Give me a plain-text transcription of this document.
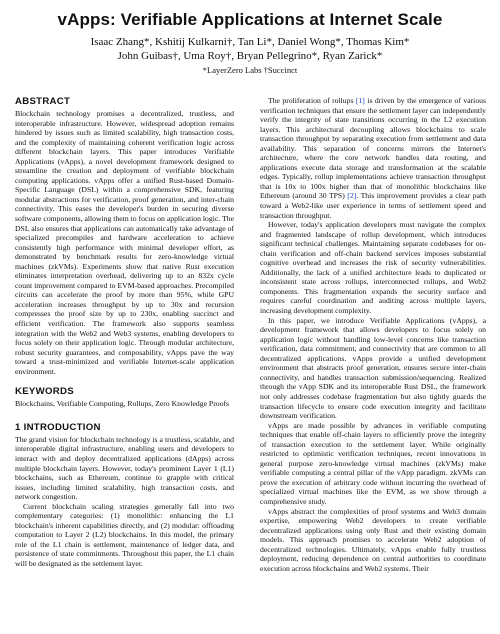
vApps: Verifiable Applications at Internet Scale
Isaac Zhang*, Kshitij Kulkarni†, Tan Li*, Daniel Wong*, Thomas Kim*
John Guibas†, Uma Roy†, Bryan Pellegrino*, Ryan Zarick*
*LayerZero Labs †Succinct
ABSTRACT

Blockchain technology promises a decentralized, trustless, and interoperable infrastructure. However, widespread adoption remains hindered by issues such as limited scalability, high transaction costs, and the complexity of maintaining coherent verification logic across different blockchain layers. This paper introduces Verifiable Applications (vApps), a novel development framework designed to streamline the creation and deployment of verifiable blockchain computing applications. vApps offer a unified Rust-based Domain-Specific Language (DSL) within a comprehensive SDK, featuring modular abstractions for verification, proof generation, and inter-chain connectivity. This eases the developer's burden in securing diverse software components, allowing them to focus on application logic. The DSL also ensures that applications can automatically take advantage of specialized precompiles and hardware acceleration to achieve consistently high performance with minimal developer effort, as demonstrated by benchmark results for zero-knowledge virtual machines (zkVMs). Experiments show that native Rust execution eliminates interpretation overhead, delivering up to an 832x cycle count improvement compared to EVM-based approaches. Precompiled circuits can accelerate the proof by more than 95%, while GPU acceleration increases throughput by up to 30x and recursion compresses the proof size by up to 230x, enabling succinct and efficient verification. The framework also supports seamless integration with the Web2 and Web3 systems, enabling developers to focus solely on their application logic. Through modular architecture, robust security guarantees, and composability, vApps pave the way toward a trust-minimized and verifiable Internet-scale application environment.

KEYWORDS

Blockchains, Verifiable Computing, Rollups, Zero Knowledge Proofs

1 INTRODUCTION

The grand vision for blockchain technology is a trustless, scalable, and interoperable digital infrastructure, enabling users and developers to interact with and deploy decentralized applications (dApps) across multiple blockchain layers. However, today's prominent Layer 1 (L1) blockchains, such as Ethereum, continue to grapple with critical issues, including limited scalability, high transaction costs, and network congestion.

Current blockchain scaling strategies generally fall into two complementary categories: (1) monolithic: enhancing the L1 blockchain's inherent capabilities directly, and (2) modular: offloading computation to Layer 2 (L2) blockchains. In this model, the primary role of the L1 chain is settlement, maintenance of ledger data, and persistence of state commitments. Throughout this paper, the L1 chain will be designated as the settlement layer.

The proliferation of rollups [1] is driven by the emergence of various verification techniques that ensure the settlement layer can independently verify the integrity of state transitions occurring in the L2 execution layers. This architectural decoupling allows blockchains to scale transaction throughput by separating execution from settlement and data availability. This separation of concerns mirrors the Internet's architecture, where the core network handles data routing, and applications execute data storage and transformation at the scalable edges. Typically, rollup implementations achieve transaction throughput that is 10x to 100x higher than that of monolithic blockchains like Ethereum (around 30 TPS) [2]. This improvement provides a clear path toward a Web2-like user experience in terms of settlement speed and transaction throughput.

However, today's application developers must navigate the complex and fragmented landscape of rollup development, which introduces significant technical challenges. Maintaining separate codebases for on-chain verification and off-chain backend services imposes substantial cognitive overhead and increases the risk of security vulnerabilities. Additionally, the lack of a unified architecture leads to duplicated or inconsistent state across rollups, interconnected rollups, and Web2 components. This fragmentation expands the security surface and requires careful coordination and auditing across multiple layers, increasing development complexity.

In this paper, we introduce Verifiable Applications (vApps), a development framework that allows developers to focus solely on application logic without handling low-level concerns like transaction verification, data commitment, and connectivity that are common to all decentralized applications. vApps provide a unified development environment that abstracts proof generation, ensures secure inter-chain connectivity, and handles transaction submission/sequencing. Realized through the vApp SDK and its interoperable Rust DSL, the framework not only addresses codebase fragmentation but also tightly guards the transaction lifecycle to ensure code execution integrity and facilitate downstream verification.

vApps are made possible by advances in verifiable computing techniques that enable off-chain layers to efficiently prove the integrity of transaction execution to the settlement layer. While originally restricted to optimistic verification techniques, recent innovations in general purpose zero-knowledge virtual machines (zkVMs) make verifiable computing a central pillar of the vApp paradigm. zkVMs can prove the execution of arbitrary code without incurring the overhead of specialized virtual machines like the EVM, as we show through a comprehensive study.

vApps abstract the complexities of proof systems and Web3 domain expertise, empowering Web2 developers to create verifiable decentralized applications using only Rust and their existing domain models. This approach promises to accelerate Web2 adoption of decentralized technologies. Ultimately, vApps enable fully trustless deployment, reducing dependence on central authorities to coordinate execution across blockchains and Web2 systems. Their
